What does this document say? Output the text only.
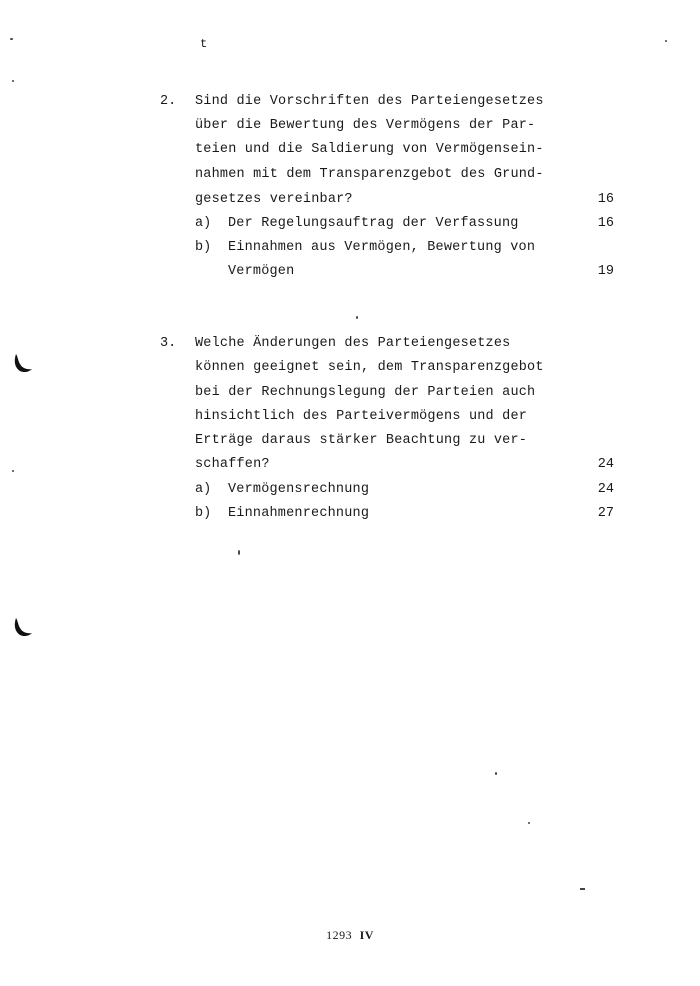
t
2. Sind die Vorschriften des Parteiengesetzes
über die Bewertung des Vermögens der Par-
teien und die Saldierung von Vermögensein-
nahmen mit dem Transparenzgebot des Grund-
gesetzes vereinbar?	16
a) Der Regelungsauftrag der Verfassung	16
b) Einnahmen aus Vermögen, Bewertung von
Vermögen	19
3. Welche Änderungen des Parteiengesetzes
können geeignet sein, dem Transparenzgebot
bei der Rechnungslegung der Parteien auch
hinsichtlich des Parteivermögens und der
Erträge daraus stärker Beachtung zu ver-
schaffen?	24
a) Vermögensrechnung	24
b) Einnahmenrechnung	27
1293 IV
